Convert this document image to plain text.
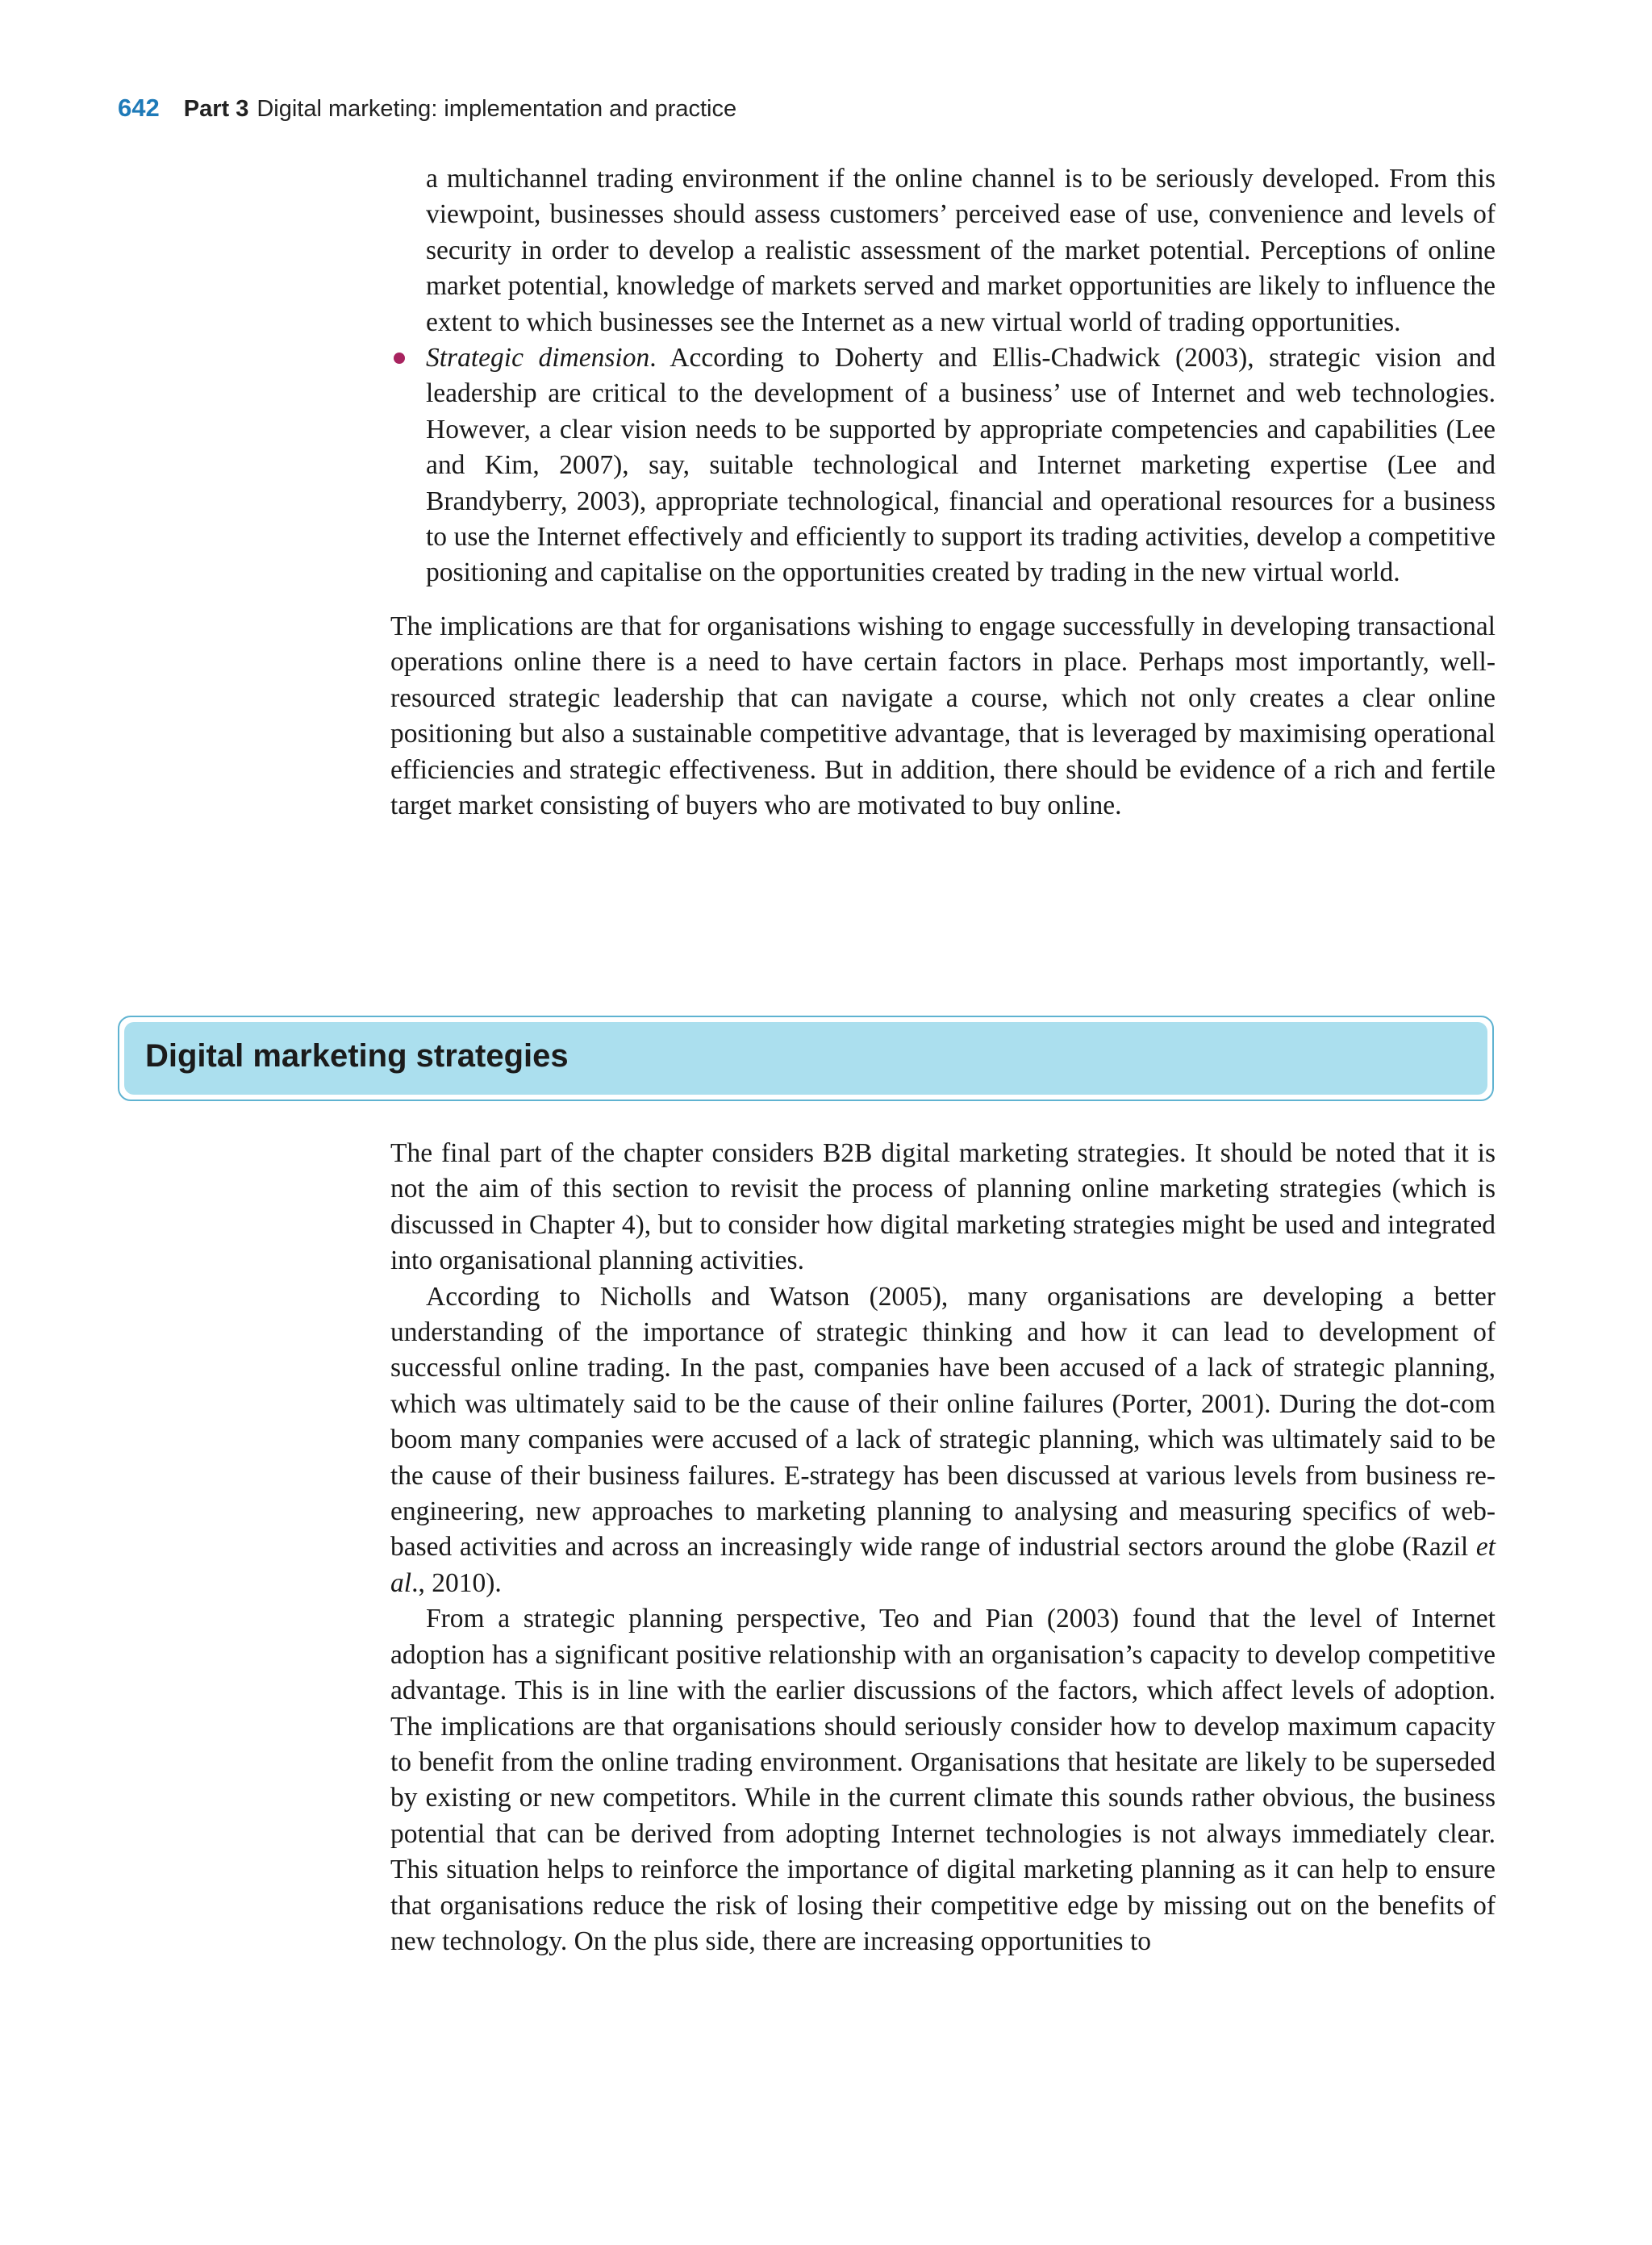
642 Part 3 Digital marketing: implementation and practice
a multichannel trading environment if the online channel is to be seriously developed. From this viewpoint, businesses should assess customers’ perceived ease of use, convenience and levels of security in order to develop a realistic assessment of the market potential. Perceptions of online market potential, knowledge of markets served and market opportunities are likely to influence the extent to which businesses see the Internet as a new virtual world of trading opportunities.
Strategic dimension. According to Doherty and Ellis-Chadwick (2003), strategic vision and leadership are critical to the development of a business’ use of Internet and web technologies. However, a clear vision needs to be supported by appropriate competencies and capabilities (Lee and Kim, 2007), say, suitable technological and Internet marketing expertise (Lee and Brandyberry, 2003), appropriate technological, financial and operational resources for a business to use the Internet effectively and efficiently to support its trading activities, develop a competitive positioning and capitalise on the opportunities created by trading in the new virtual world.
The implications are that for organisations wishing to engage successfully in developing transactional operations online there is a need to have certain factors in place. Perhaps most importantly, well-resourced strategic leadership that can navigate a course, which not only creates a clear online positioning but also a sustainable competitive advantage, that is leveraged by maximising operational efficiencies and strategic effectiveness. But in addition, there should be evidence of a rich and fertile target market consisting of buyers who are motivated to buy online.
Digital marketing strategies

The final part of the chapter considers B2B digital marketing strategies. It should be noted that it is not the aim of this section to revisit the process of planning online marketing strategies (which is discussed in Chapter 4), but to consider how digital marketing strategies might be used and integrated into organisational planning activities.

According to Nicholls and Watson (2005), many organisations are developing a better understanding of the importance of strategic thinking and how it can lead to development of successful online trading. In the past, companies have been accused of a lack of strategic planning, which was ultimately said to be the cause of their online failures (Porter, 2001). During the dot-com boom many companies were accused of a lack of strategic planning, which was ultimately said to be the cause of their business failures. E-strategy has been discussed at various levels from business re-engineering, new approaches to marketing planning to analysing and measuring specifics of web-based activities and across an increasingly wide range of industrial sectors around the globe (Razil et al., 2010).

From a strategic planning perspective, Teo and Pian (2003) found that the level of Internet adoption has a significant positive relationship with an organisation’s capacity to develop competitive advantage. This is in line with the earlier discussions of the factors, which affect levels of adoption. The implications are that organisations should seriously consider how to develop maximum capacity to benefit from the online trading environment. Organisations that hesitate are likely to be superseded by existing or new competitors. While in the current climate this sounds rather obvious, the business potential that can be derived from adopting Internet technologies is not always immediately clear. This situation helps to reinforce the importance of digital marketing planning as it can help to ensure that organisations reduce the risk of losing their competitive edge by missing out on the benefits of new technology. On the plus side, there are increasing opportunities to
